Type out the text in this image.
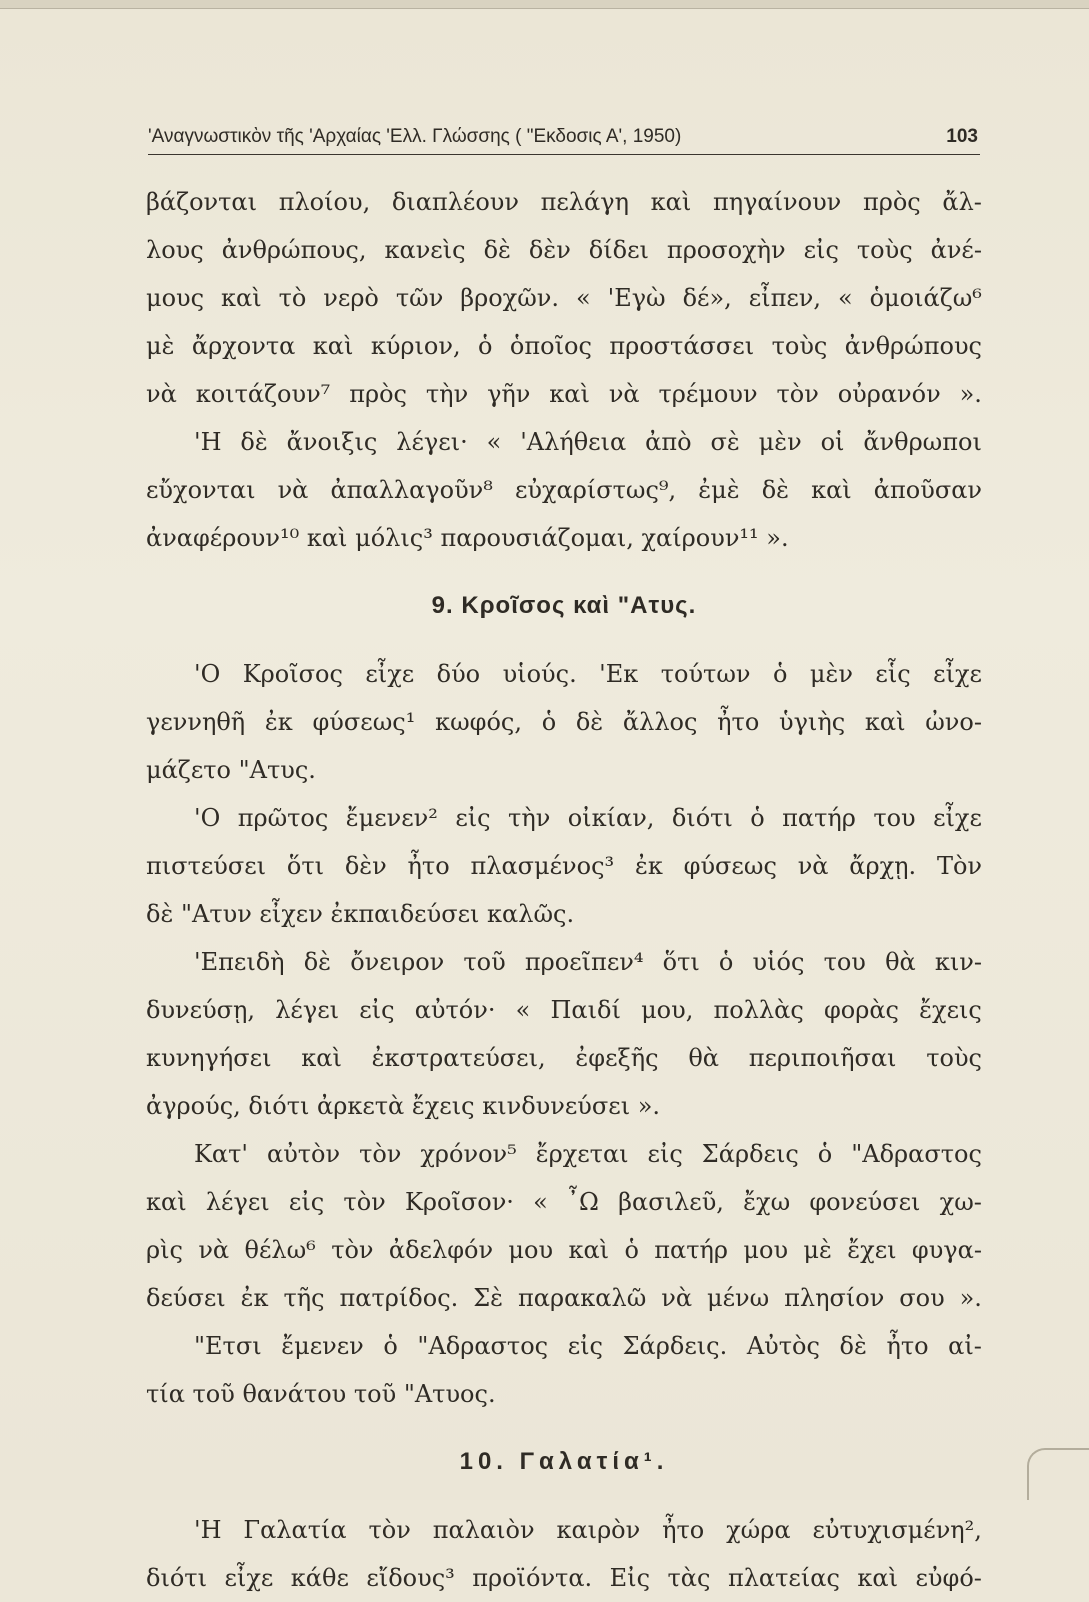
'Αναγνωστικὸν τῆς 'Αρχαίας 'Ελλ. Γλώσσης ( "Εκδοσις Α', 1950)	103
βάζονται πλοίου, διαπλέουν πελάγη καὶ πηγαίνουν πρὸς ἄλ-
λους ἀνθρώπους, κανεὶς δὲ δὲν δίδει προσοχὴν εἰς τοὺς ἀνέ-
μους καὶ τὸ νερὸ τῶν βροχῶν. « 'Εγὼ δέ», εἶπεν, « ὁμοιάζω⁶
μὲ ἄρχοντα καὶ κύριον, ὁ ὁποῖος προστάσσει τοὺς ἀνθρώπους
νὰ κοιτάζουν⁷ πρὸς τὴν γῆν καὶ νὰ τρέμουν τὸν οὐρανόν ».
'Η δὲ ἄνοιξις λέγει· « 'Αλήθεια ἀπὸ σὲ μὲν οἱ ἄνθρωποι
εὔχονται νὰ ἀπαλλαγοῦν⁸ εὐχαρίστως⁹, ἐμὲ δὲ καὶ ἀποῦσαν
ἀναφέρουν¹⁰ καὶ μόλις³ παρουσιάζομαι, χαίρουν¹¹ ».
9. Κροῖσος καὶ "Ατυς.
'Ο Κροῖσος εἶχε δύο υἱούς. 'Εκ τούτων ὁ μὲν εἷς εἶχε
γεννηθῆ ἐκ φύσεως¹ κωφός, ὁ δὲ ἄλλος ἦτο ὑγιὴς καὶ ὠνο-
μάζετο "Ατυς.
'Ο πρῶτος ἔμενεν² εἰς τὴν οἰκίαν, διότι ὁ πατήρ του εἶχε
πιστεύσει ὅτι δὲν ἦτο πλασμένος³ ἐκ φύσεως νὰ ἄρχῃ. Τὸν
δὲ "Ατυν εἶχεν ἐκπαιδεύσει καλῶς.
'Επειδὴ δὲ ὄνειρον τοῦ προεῖπεν⁴ ὅτι ὁ υἱός του θὰ κιν-
δυνεύσῃ, λέγει εἰς αὐτόν· « Παιδί μου, πολλὰς φορὰς ἔχεις
κυνηγήσει καὶ ἐκστρατεύσει, ἐφεξῆς θὰ περιποιῆσαι τοὺς
ἀγρούς, διότι ἀρκετὰ ἔχεις κινδυνεύσει ».
Κατ' αὐτὸν τὸν χρόνον⁵ ἔρχεται εἰς Σάρδεις ὁ "Αδραστος
καὶ λέγει εἰς τὸν Κροῖσον· « ῏Ω βασιλεῦ, ἔχω φονεύσει χω-
ρὶς νὰ θέλω⁶ τὸν ἀδελφόν μου καὶ ὁ πατήρ μου μὲ ἔχει φυγα-
δεύσει ἐκ τῆς πατρίδος. Σὲ παρακαλῶ νὰ μένω πλησίον σου ».
"Ετσι ἔμενεν ὁ "Αδραστος εἰς Σάρδεις. Αὐτὸς δὲ ἦτο αἰ-
τία τοῦ θανάτου τοῦ "Ατυος.
10. Γαλατία¹.
'Η Γαλατία τὸν παλαιὸν καιρὸν ἦτο χώρα εὐτυχισμένη²,
διότι εἶχε κάθε εἴδους³ προϊόντα. Εἰς τὰς πλατείας καὶ εὐφό-
